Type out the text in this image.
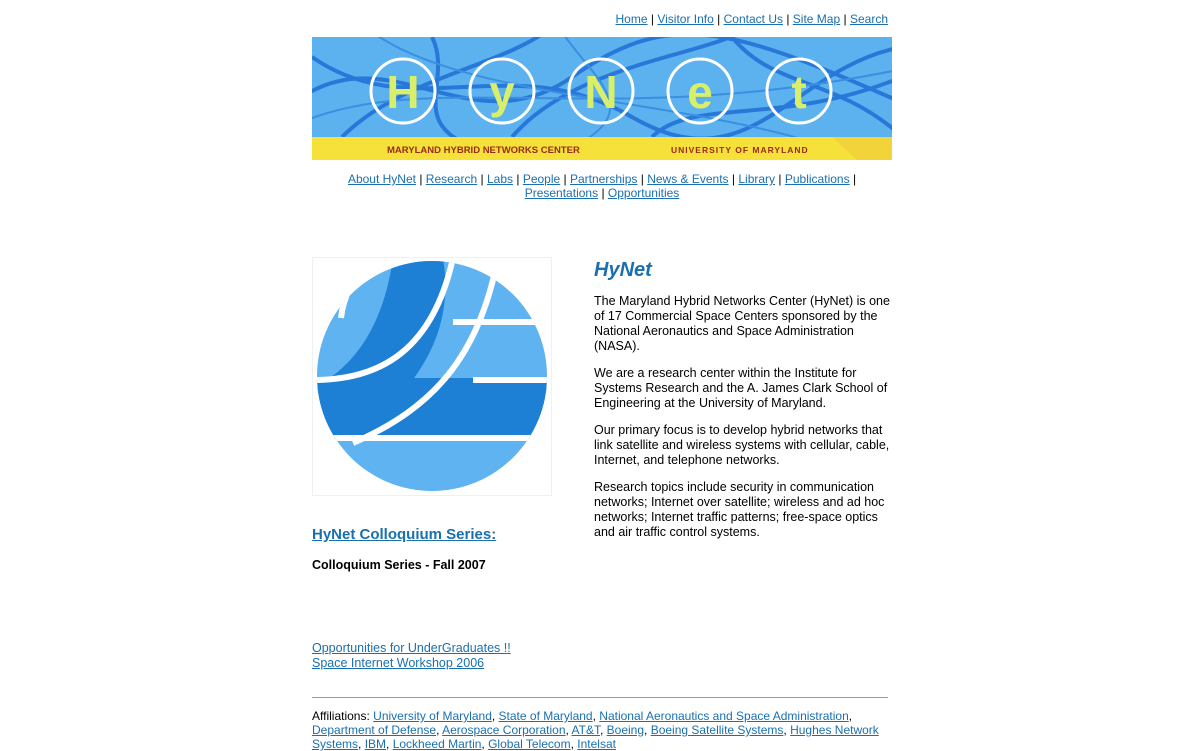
Home | Visitor Info | Contact Us | Site Map | Search
H y N e t
MARYLAND HYBRID NETWORKS CENTER	UNIVERSITY OF MARYLAND
About HyNet | Research | Labs | People | Partnerships | News & Events | Library | Publications |
Presentations | Opportunities
HyNet

The Maryland Hybrid Networks Center (HyNet) is one of 17 Commercial Space Centers sponsored by the National Aeronautics and Space Administration (NASA).

We are a research center within the Institute for Systems Research and the A. James Clark School of Engineering at the University of Maryland.

Our primary focus is to develop hybrid networks that link satellite and wireless systems with cellular, cable, Internet, and telephone networks.

Research topics include security in communication networks; Internet over satellite; wireless and ad hoc networks; Internet traffic patterns; free-space optics and air traffic control systems.

HyNet Colloquium Series:
Colloquium Series - Fall 2007
Opportunities for UnderGraduates !!
Space Internet Workshop 2006
Affiliations: University of Maryland, State of Maryland, National Aeronautics and Space Administration, Department of Defense, Aerospace Corporation, AT&T, Boeing, Boeing Satellite Systems, Hughes Network Systems, IBM, Lockheed Martin, Global Telecom, Intelsat
